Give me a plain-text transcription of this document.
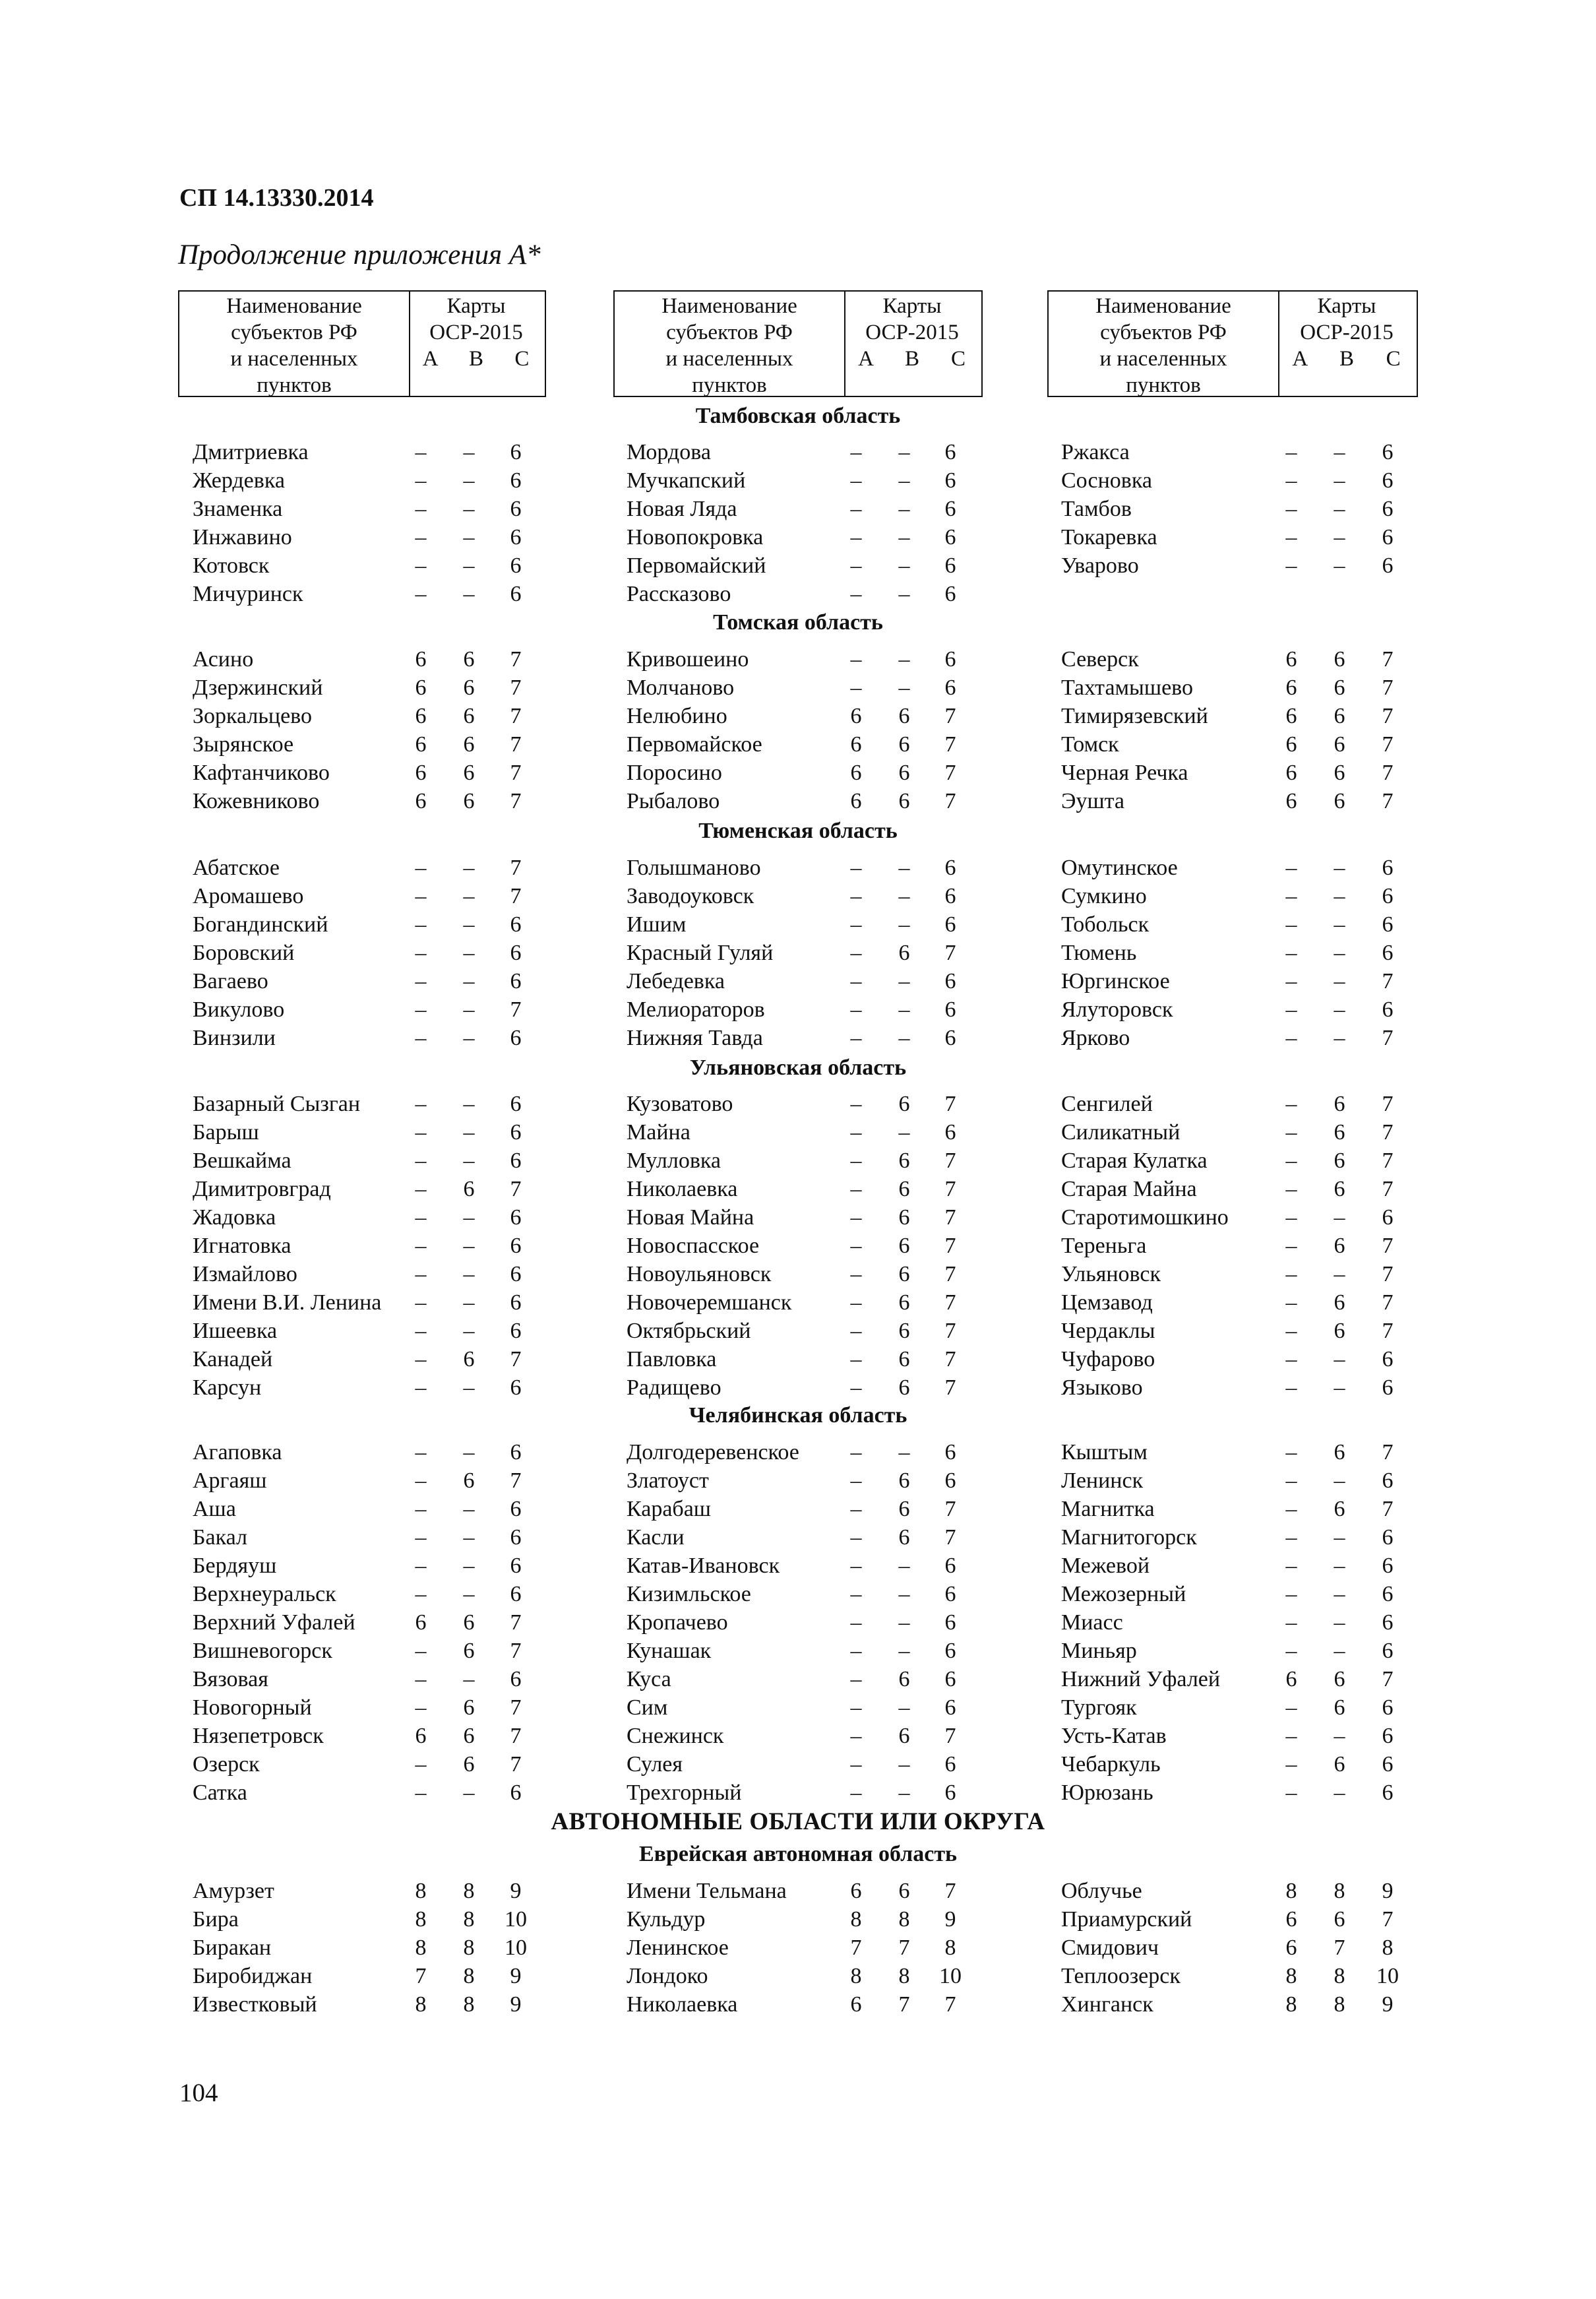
СП 14.13330.2014
Продолжение приложения А*
Наименование
субъектов РФ
и населенных
пунктов
Карты
ОСР-2015
A	B	C
Наименование
субъектов РФ
и населенных
пунктов
Карты
ОСР-2015
A	B	C
Наименование
субъектов РФ
и населенных
пунктов
Карты
ОСР-2015
A	B	C
Тамбовская область
Дмитриевка	–	–	6
Жердевка	–	–	6
Знаменка	–	–	6
Инжавино	–	–	6
Котовск	–	–	6
Мичуринск	–	–	6
Мордова	–	–	6
Мучкапский	–	–	6
Новая Ляда	–	–	6
Новопокровка	–	–	6
Первомайский	–	–	6
Рассказово	–	–	6
Ржакса	–	–	6
Сосновка	–	–	6
Тамбов	–	–	6
Токаревка	–	–	6
Уварово	–	–	6
Томская область
Асино	6	6	7
Дзержинский	6	6	7
Зоркальцево	6	6	7
Зырянское	6	6	7
Кафтанчиково	6	6	7
Кожевниково	6	6	7
Кривошеино	–	–	6
Молчаново	–	–	6
Нелюбино	6	6	7
Первомайское	6	6	7
Поросино	6	6	7
Рыбалово	6	6	7
Северск	6	6	7
Тахтамышево	6	6	7
Тимирязевский	6	6	7
Томск	6	6	7
Черная Речка	6	6	7
Эушта	6	6	7
Тюменская область
Абатское	–	–	7
Аромашево	–	–	7
Богандинский	–	–	6
Боровский	–	–	6
Вагаево	–	–	6
Викулово	–	–	7
Винзили	–	–	6
Голышманово	–	–	6
Заводоуковск	–	–	6
Ишим	–	–	6
Красный Гуляй	–	6	7
Лебедевка	–	–	6
Мелиораторов	–	–	6
Нижняя Тавда	–	–	6
Омутинское	–	–	6
Сумкино	–	–	6
Тобольск	–	–	6
Тюмень	–	–	6
Юргинское	–	–	7
Ялуторовск	–	–	6
Ярково	–	–	7
Ульяновская область
Базарный Сызган	–	–	6
Барыш	–	–	6
Вешкайма	–	–	6
Димитровград	–	6	7
Жадовка	–	–	6
Игнатовка	–	–	6
Измайлово	–	–	6
Имени В.И. Ленина	–	–	6
Ишеевка	–	–	6
Канадей	–	6	7
Карсун	–	–	6
Кузоватово	–	6	7
Майна	–	–	6
Мулловка	–	6	7
Николаевка	–	6	7
Новая Майна	–	6	7
Новоспасское	–	6	7
Новоульяновск	–	6	7
Новочеремшанск	–	6	7
Октябрьский	–	6	7
Павловка	–	6	7
Радищево	–	6	7
Сенгилей	–	6	7
Силикатный	–	6	7
Старая Кулатка	–	6	7
Старая Майна	–	6	7
Старотимошкино	–	–	6
Тереньга	–	6	7
Ульяновск	–	–	7
Цемзавод	–	6	7
Чердаклы	–	6	7
Чуфарово	–	–	6
Языково	–	–	6
Челябинская область
Агаповка	–	–	6
Аргаяш	–	6	7
Аша	–	–	6
Бакал	–	–	6
Бердяуш	–	–	6
Верхнеуральск	–	–	6
Верхний Уфалей	6	6	7
Вишневогорск	–	6	7
Вязовая	–	–	6
Новогорный	–	6	7
Нязепетровск	6	6	7
Озерск	–	6	7
Сатка	–	–	6
Долгодеревенское	–	–	6
Златоуст	–	6	6
Карабаш	–	6	7
Касли	–	6	7
Катав-Ивановск	–	–	6
Кизимльское	–	–	6
Кропачево	–	–	6
Кунашак	–	–	6
Куса	–	6	6
Сим	–	–	6
Снежинск	–	6	7
Сулея	–	–	6
Трехгорный	–	–	6
Кыштым	–	6	7
Ленинск	–	–	6
Магнитка	–	6	7
Магнитогорск	–	–	6
Межевой	–	–	6
Межозерный	–	–	6
Миасс	–	–	6
Миньяр	–	–	6
Нижний Уфалей	6	6	7
Тургояк	–	6	6
Усть-Катав	–	–	6
Чебаркуль	–	6	6
Юрюзань	–	–	6
АВТОНОМНЫЕ ОБЛАСТИ ИЛИ ОКРУГА
Еврейская автономная область
Амурзет	8	8	9
Бира	8	8	10
Биракан	8	8	10
Биробиджан	7	8	9
Известковый	8	8	9
Имени Тельмана	6	6	7
Кульдур	8	8	9
Ленинское	7	7	8
Лондоко	8	8	10
Николаевка	6	7	7
Облучье	8	8	9
Приамурский	6	6	7
Смидович	6	7	8
Теплоозерск	8	8	10
Хинганск	8	8	9
104
